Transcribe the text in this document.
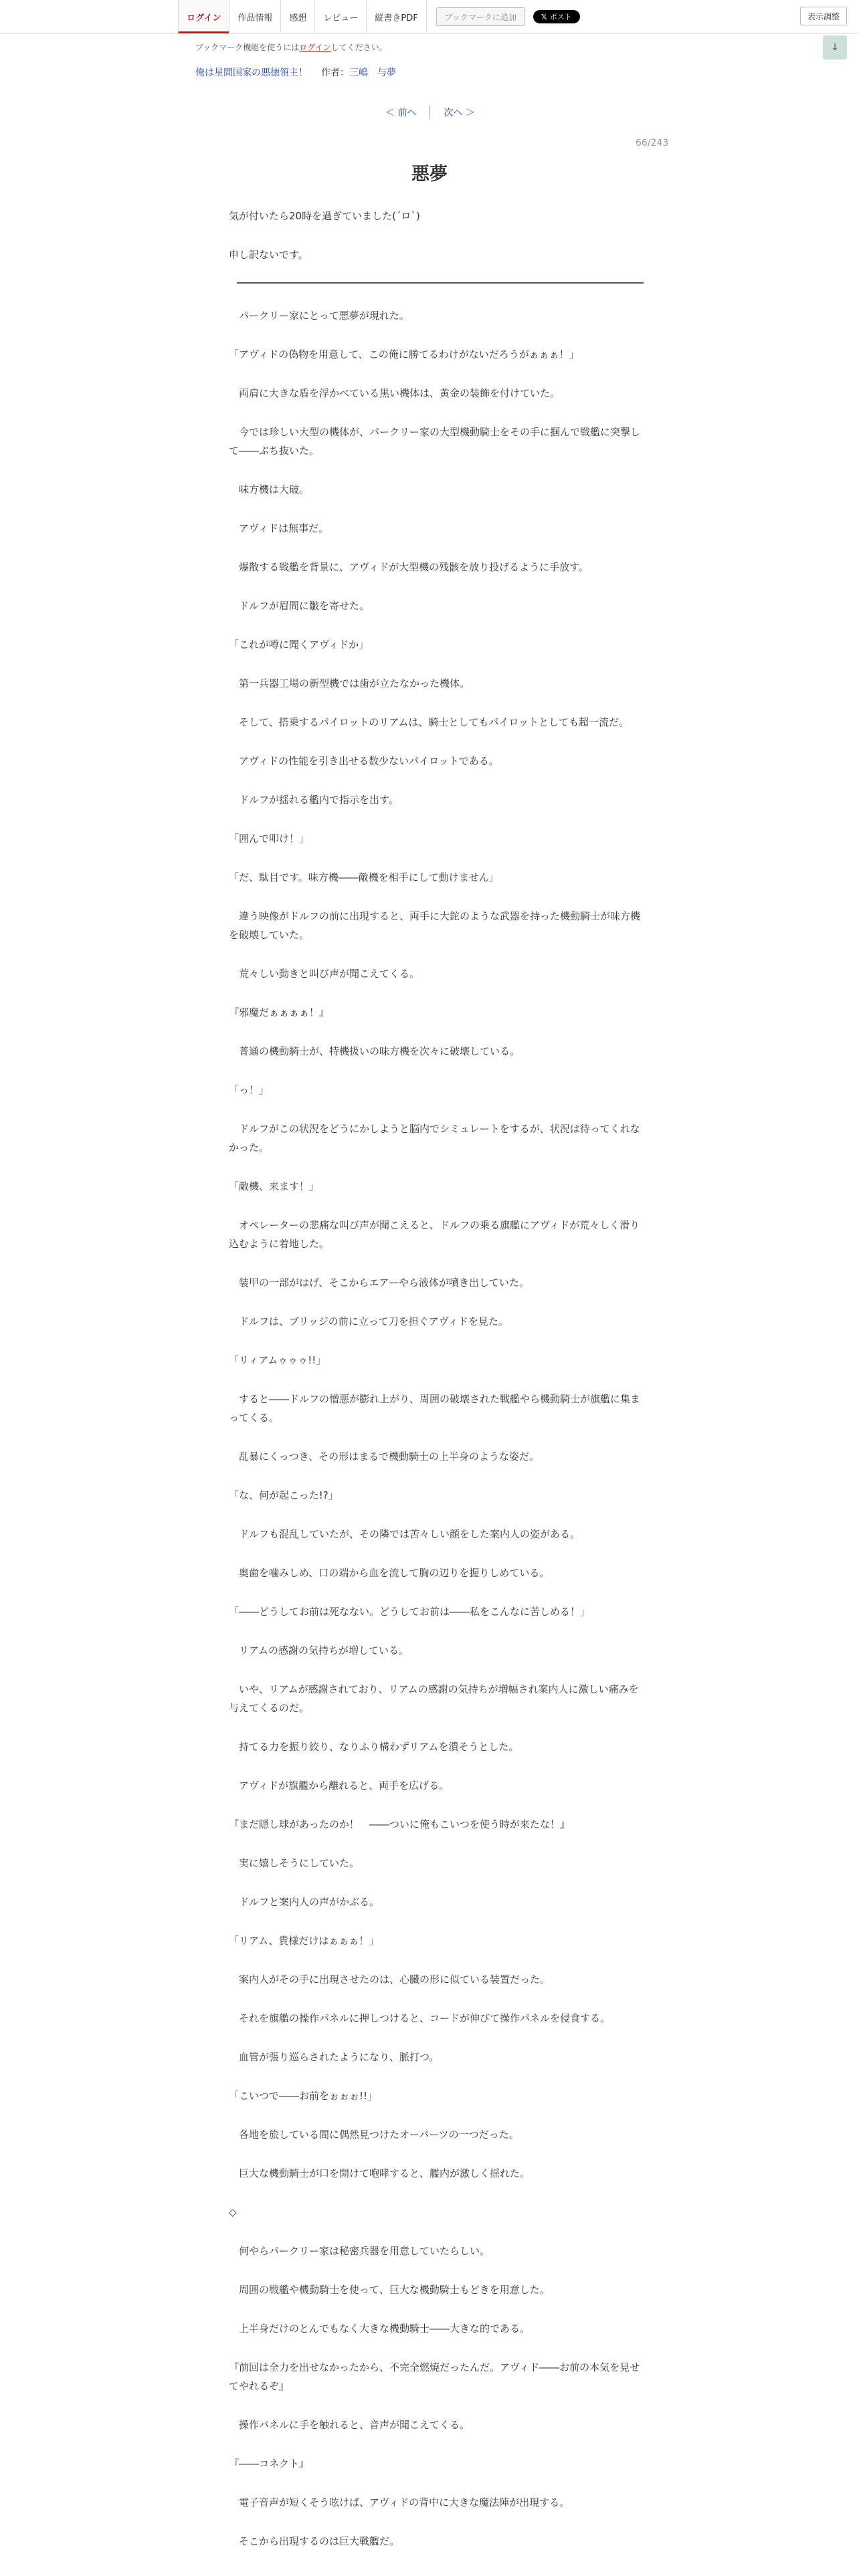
ログイン	作品情報	感想	レビュー	縦書きPDF	ブックマークに追加	𝕏 ポスト	表示調整
↓
ブックマーク機能を使うにはログインしてください。
俺は星間国家の悪徳領主！ 作者：三嶋　与夢
＜ 前へ	次へ ＞
66/243
悪夢

気が付いたら20時を過ぎていました(´ロ`)

申し訳ないです。

　パークリー家にとって悪夢が現れた。

「アヴィドの偽物を用意して、この俺に勝てるわけがないだろうがぁぁぁ！」

　両肩に大きな盾を浮かべている黒い機体は、黄金の装飾を付けていた。

　今では珍しい大型の機体が、パークリー家の大型機動騎士をその手に掴んで戦艦に突撃して――ぶち抜いた。

　味方機は大破。

　アヴィドは無事だ。

　爆散する戦艦を背景に、アヴィドが大型機の残骸を放り投げるように手放す。

　ドルフが眉間に皺を寄せた。

「これが噂に聞くアヴィドか」

　第一兵器工場の新型機では歯が立たなかった機体。

　そして、搭乗するパイロットのリアムは、騎士としてもパイロットとしても超一流だ。

　アヴィドの性能を引き出せる数少ないパイロットである。

　ドルフが揺れる艦内で指示を出す。

「囲んで叩け！」

「だ、駄目です。味方機――敵機を相手にして動けません」

　違う映像がドルフの前に出現すると、両手に大鉈のような武器を持った機動騎士が味方機を破壊していた。

　荒々しい動きと叫び声が聞こえてくる。

『邪魔だぁぁぁぁ！』

　普通の機動騎士が、特機扱いの味方機を次々に破壊している。

「っ！」

　ドルフがこの状況をどうにかしようと脳内でシミュレートをするが、状況は待ってくれなかった。

「敵機、来ます！」

　オペレーターの悲痛な叫び声が聞こえると、ドルフの乗る旗艦にアヴィドが荒々しく滑り込むように着地した。

　装甲の一部がはげ、そこからエアーやら液体が噴き出していた。

　ドルフは、ブリッジの前に立って刀を担ぐアヴィドを見た。

「リィアムゥゥゥ!!」

　すると――ドルフの憎悪が膨れ上がり、周囲の破壊された戦艦やら機動騎士が旗艦に集まってくる。

　乱暴にくっつき、その形はまるで機動騎士の上半身のような姿だ。

「な、何が起こった!?」

　ドルフも混乱していたが、その隣では苦々しい顔をした案内人の姿がある。

　奥歯を噛みしめ、口の端から血を流して胸の辺りを握りしめている。

「――どうしてお前は死なない。どうしてお前は――私をこんなに苦しめる！」

　リアムの感謝の気持ちが増している。

　いや、リアムが感謝されており、リアムの感謝の気持ちが増幅され案内人に激しい痛みを与えてくるのだ。

　持てる力を振り絞り、なりふり構わずリアムを潰そうとした。

　アヴィドが旗艦から離れると、両手を広げる。

『まだ隠し球があったのか！　――ついに俺もこいつを使う時が来たな！』

　実に嬉しそうにしていた。

　ドルフと案内人の声がかぶる。

「リアム、貴様だけはぁぁぁ！」

　案内人がその手に出現させたのは、心臓の形に似ている装置だった。

　それを旗艦の操作パネルに押しつけると、コードが伸びて操作パネルを侵食する。

　血管が張り巡らされたようになり、脈打つ。

「こいつで――お前をぉぉぉ!!」

　各地を旅している間に偶然見つけたオーパーツの一つだった。

　巨大な機動騎士が口を開けて咆哮すると、艦内が激しく揺れた。

◇

　何やらパークリー家は秘密兵器を用意していたらしい。

　周囲の戦艦や機動騎士を使って、巨大な機動騎士もどきを用意した。

　上半身だけのとんでもなく大きな機動騎士――大きな的である。

『前回は全力を出せなかったから、不完全燃焼だったんだ。アヴィド――お前の本気を見せてやれるぞ』

　操作パネルに手を触れると、音声が聞こえてくる。

『――コネクト』

　電子音声が短くそう呟けば、アヴィドの背中に大きな魔法陣が出現する。

　そこから出現するのは巨大戦艦だ。
